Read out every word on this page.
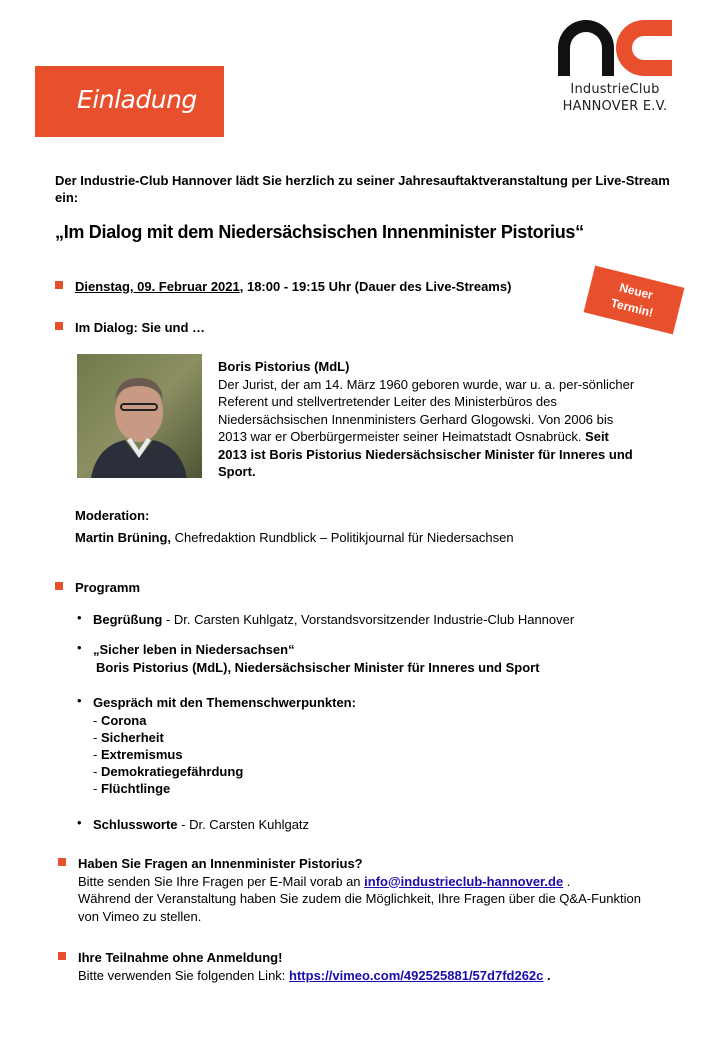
Einladung	IndustrieClub
HANNOVER E.V.
Der Industrie-Club Hannover lädt Sie herzlich zu seiner Jahresauftaktveranstaltung per Live-Stream ein:
„Im Dialog mit dem Niedersächsischen Innenminister Pistorius“
Dienstag, 09. Februar 2021, 18:00 - 19:15 Uhr (Dauer des Live-Streams)	Neuer
Termin!
Im Dialog: Sie und …
Boris Pistorius (MdL)
Der Jurist, der am 14. März 1960 geboren wurde, war u. a. per-sönlicher Referent und stellvertretender Leiter des Ministerbüros des Niedersächsischen Innenministers Gerhard Glogowski. Von 2006 bis 2013 war er Oberbürgermeister seiner Heimatstadt Osnabrück. Seit 2013 ist Boris Pistorius Niedersächsischer Minister für Inneres und Sport.
Moderation:
Martin Brüning, Chefredaktion Rundblick – Politikjournal für Niedersachsen
Programm
• Begrüßung - Dr. Carsten Kuhlgatz, Vorstandsvorsitzender Industrie-Club Hannover
• „Sicher leben in Niedersachsen“
Boris Pistorius (MdL), Niedersächsischer Minister für Inneres und Sport
• Gespräch mit den Themenschwerpunkten:
- Corona
- Sicherheit
- Extremismus
- Demokratiegefährdung
- Flüchtlinge
• Schlussworte - Dr. Carsten Kuhlgatz
Haben Sie Fragen an Innenminister Pistorius?
Bitte senden Sie Ihre Fragen per E-Mail vorab an info@industrieclub-hannover.de .
Während der Veranstaltung haben Sie zudem die Möglichkeit, Ihre Fragen über die Q&A-Funktion von Vimeo zu stellen.
Ihre Teilnahme ohne Anmeldung!
Bitte verwenden Sie folgenden Link: https://vimeo.com/492525881/57d7fd262c .
